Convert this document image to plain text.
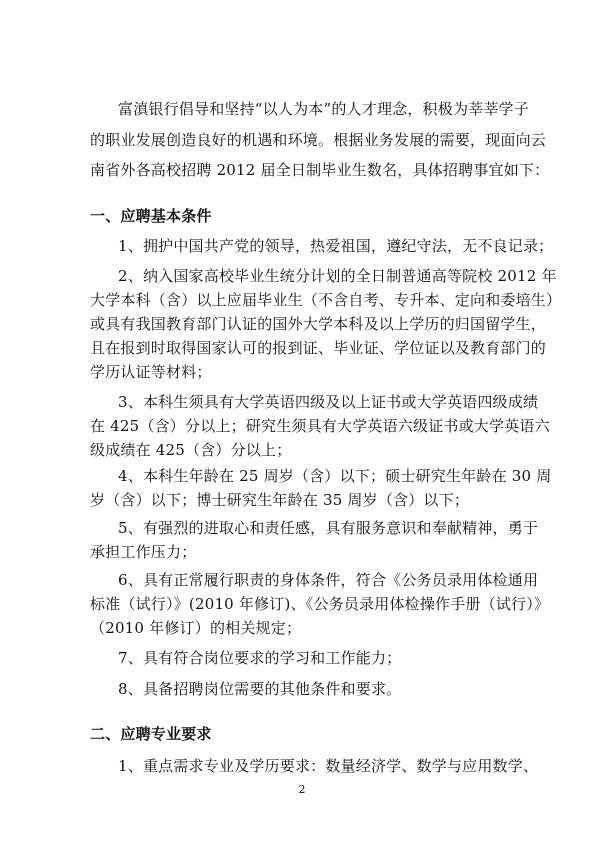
富滇银行倡导和坚持“以人为本”的人才理念，积极为莘莘学子
的职业发展创造良好的机遇和环境。根据业务发展的需要，现面向云
南省外各高校招聘 2012 届全日制毕业生数名，具体招聘事宜如下：
一、应聘基本条件
1、拥护中国共产党的领导，热爱祖国，遵纪守法，无不良记录；
2、纳入国家高校毕业生统分计划的全日制普通高等院校 2012 年
大学本科（含）以上应届毕业生（不含自考、专升本、定向和委培生）
或具有我国教育部门认证的国外大学本科及以上学历的归国留学生，
且在报到时取得国家认可的报到证、毕业证、学位证以及教育部门的
学历认证等材料；
3、本科生须具有大学英语四级及以上证书或大学英语四级成绩
在 425（含）分以上；研究生须具有大学英语六级证书或大学英语六
级成绩在 425（含）分以上；
4、本科生年龄在 25 周岁（含）以下；硕士研究生年龄在 30 周
岁（含）以下；博士研究生年龄在 35 周岁（含）以下；
5、有强烈的进取心和责任感，具有服务意识和奉献精神，勇于
承担工作压力；
6、具有正常履行职责的身体条件，符合《公务员录用体检通用
标准（试行）》(2010 年修订)、《公务员录用体检操作手册（试行）》
（2010 年修订）的相关规定；
2
7、具有符合岗位要求的学习和工作能力；
8、具备招聘岗位需要的其他条件和要求。
二、应聘专业要求
1、重点需求专业及学历要求：数量经济学、数学与应用数学、
